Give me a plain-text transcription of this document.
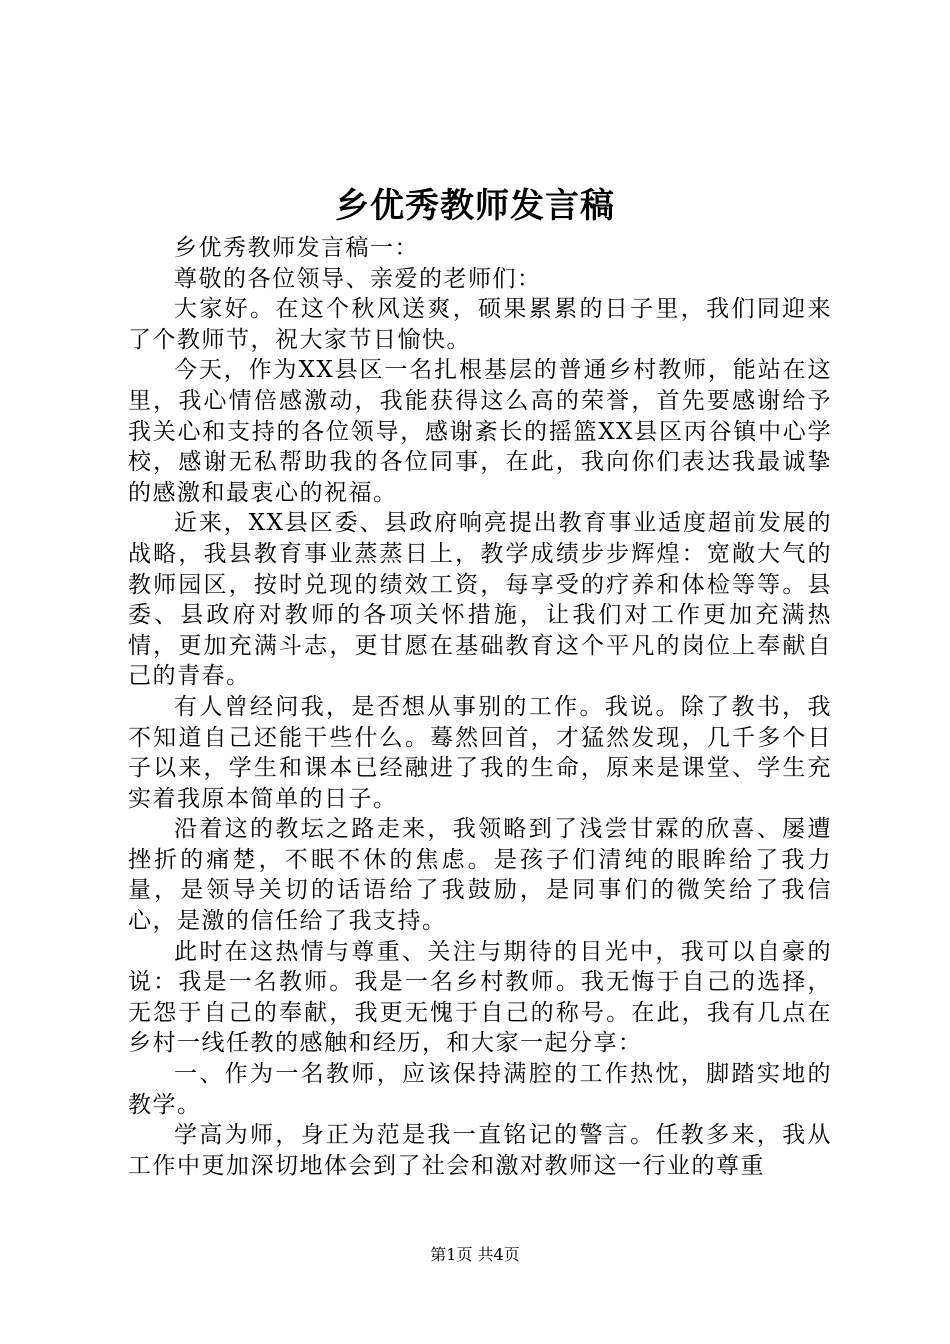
乡优秀教师发言稿

乡优秀教师发言稿一：

尊敬的各位领导、亲爱的老师们：

大家好。在这个秋风送爽，硕果累累的日子里，我们同迎来了个教师节，祝大家节日愉快。

今天，作为XX县区一名扎根基层的普通乡村教师，能站在这里，我心情倍感激动，我能获得这么高的荣誉，首先要感谢给予我关心和支持的各位领导，感谢紊长的摇篮XX县区丙谷镇中心学校，感谢无私帮助我的各位同事，在此，我向你们表达我最诚挚的感激和最衷心的祝福。

近来，XX县区委、县政府响亮提出教育事业适度超前发展的战略，我县教育事业蒸蒸日上，教学成绩步步辉煌：宽敞大气的教师园区，按时兑现的绩效工资，每享受的疗养和体检等等。县委、县政府对教师的各项关怀措施，让我们对工作更加充满热情，更加充满斗志，更甘愿在基础教育这个平凡的岗位上奉献自己的青春。

有人曾经问我，是否想从事别的工作。我说。除了教书，我不知道自己还能干些什么。蓦然回首，才猛然发现，几千多个日子以来，学生和课本已经融进了我的生命，原来是课堂、学生充实着我原本简单的日子。

沿着这的教坛之路走来，我领略到了浅尝甘霖的欣喜、屡遭挫折的痛楚，不眠不休的焦虑。是孩子们清纯的眼眸给了我力量，是领导关切的话语给了我鼓励，是同事们的微笑给了我信心，是激的信任给了我支持。

此时在这热情与尊重、关注与期待的目光中，我可以自豪的说：我是一名教师。我是一名乡村教师。我无悔于自己的选择，无怨于自己的奉献，我更无愧于自己的称号。在此，我有几点在乡村一线任教的感触和经历，和大家一起分享：

一、作为一名教师，应该保持满腔的工作热忱，脚踏实地的教学。

学高为师，身正为范是我一直铭记的警言。任教多来，我从工作中更加深切地体会到了社会和激对教师这一行业的尊重

第1页 共4页
